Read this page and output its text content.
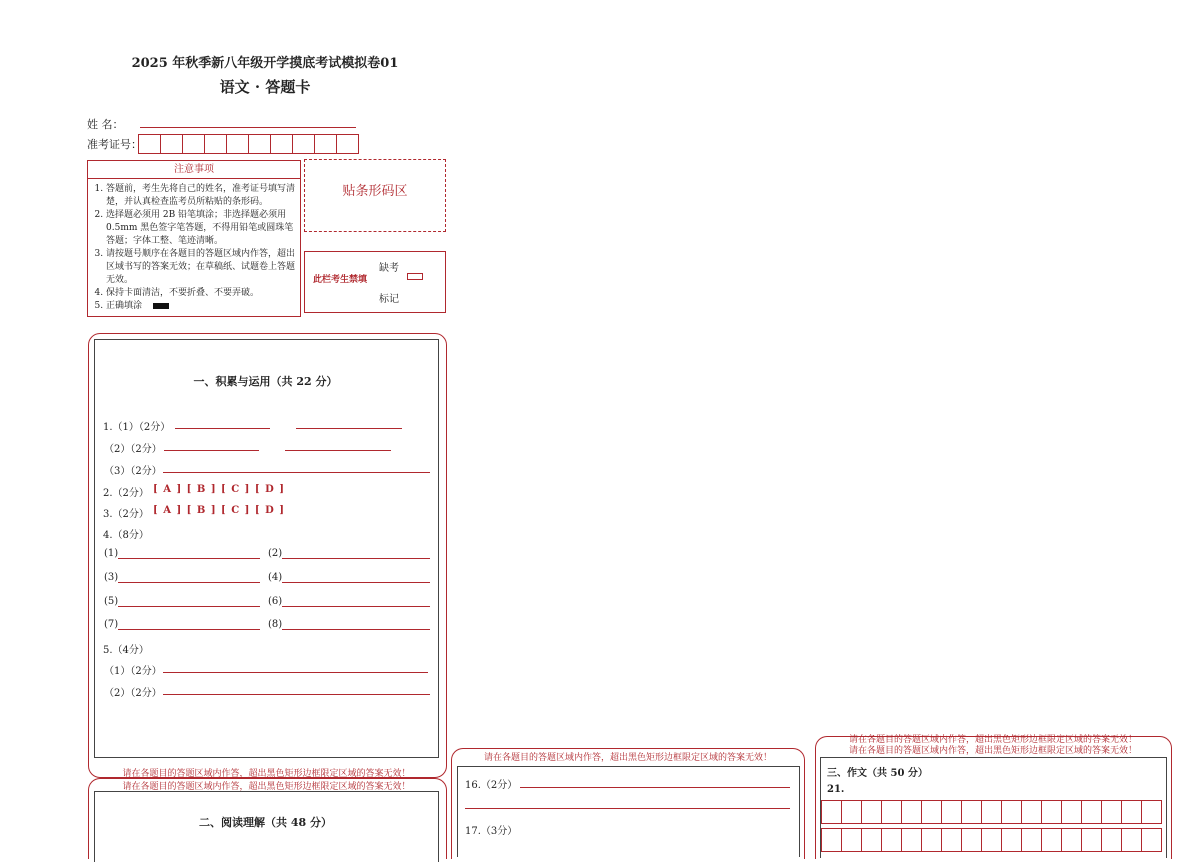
2025 年秋季新八年级开学摸底考试模拟卷01
语文 · 答题卡
姓 名：
准考证号：
注意事项
1. 答题前，考生先将自己的姓名，准考证号填写清楚，并认真检查监考员所粘贴的条形码。
2. 选择题必须用 2B 铅笔填涂；非选择题必须用 0.5mm 黑色签字笔答题，不得用铅笔或圆珠笔答题；字体工整、笔迹清晰。
3. 请按题号顺序在各题目的答题区域内作答，超出区域书写的答案无效；在草稿纸、试题卷上答题无效。
4. 保持卡面清洁，不要折叠、不要弄破。
5. 正确填涂
贴条形码区
此栏考生禁填
缺考
标记
一、积累与运用（共 22 分）
1.（1）（2分）
（2）（2分）
（3）（2分）
2.（2分） [ A ] [ B ] [ C ] [ D ]
3.（2分） [ A ] [ B ] [ C ] [ D ]
4.（8分）
(1)	(2)
(3)	(4)
(5)	(6)
(7)	(8)
5.（4分）
（1）（2分）
（2）（2分）
请在各题目的答题区域内作答，超出黑色矩形边框限定区域的答案无效！
请在各题目的答题区域内作答，超出黑色矩形边框限定区域的答案无效！
二、阅读理解（共 48 分）
请在各题目的答题区域内作答，超出黑色矩形边框限定区域的答案无效！
16.（2分）
17.（3分）
请在各题目的答题区域内作答，超出黑色矩形边框限定区域的答案无效！
请在各题目的答题区域内作答，超出黑色矩形边框限定区域的答案无效！
三、作文（共 50 分）
21.
